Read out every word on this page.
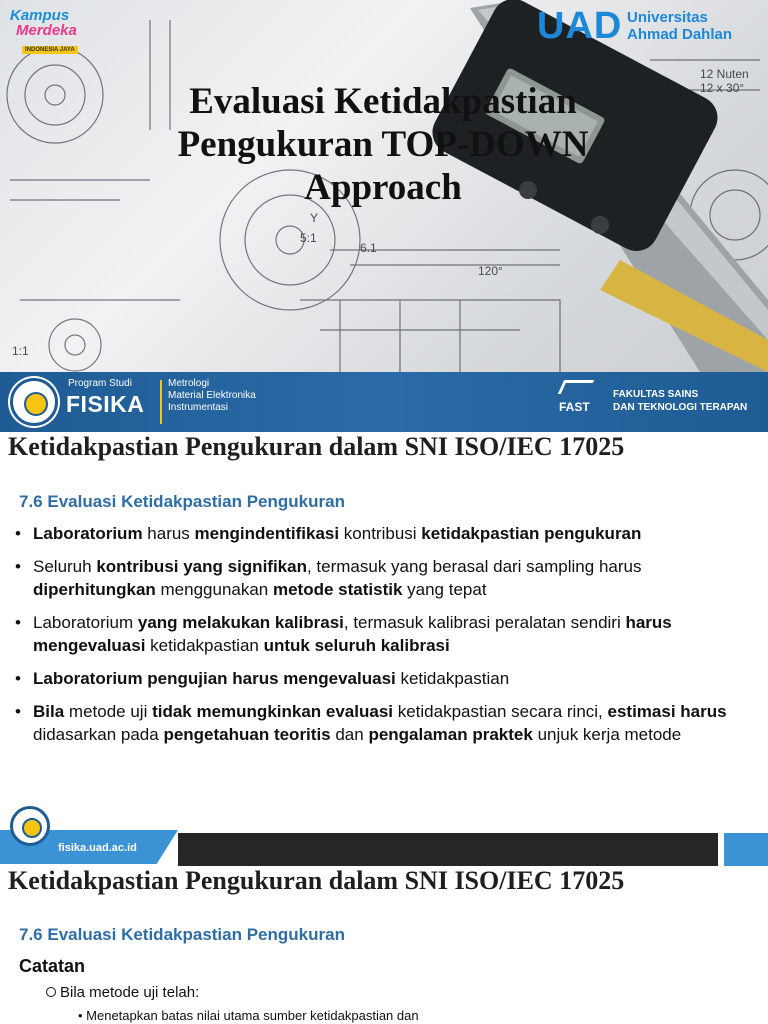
Y
5:1
6.1
120°
1:1
12 Nuten
12 x 30°
Kampus
Merdeka
INDONESIA JAYA
UAD Universitas
Ahmad Dahlan
Evaluasi Ketidakpastian Pengukuran TOP-DOWN Approach
Program Studi
FISIKA
Metrologi
Material Elektronika
Instrumentasi	FAST
FAKULTAS SAINS
DAN TEKNOLOGI TERAPAN
Ketidakpastian Pengukuran dalam SNI ISO/IEC 17025
7.6 Evaluasi Ketidakpastian Pengukuran
• Laboratorium harus mengindentifikasi kontribusi ketidakpastian pengukuran
• Seluruh kontribusi yang signifikan, termasuk yang berasal dari sampling harus diperhitungkan menggunakan metode statistik yang tepat
• Laboratorium yang melakukan kalibrasi, termasuk kalibrasi peralatan sendiri harus mengevaluasi ketidakpastian untuk seluruh kalibrasi
• Laboratorium pengujian harus mengevaluasi ketidakpastian
• Bila metode uji tidak memungkinkan evaluasi ketidakpastian secara rinci, estimasi harus didasarkan pada pengetahuan teoritis dan pengalaman praktek unjuk kerja metode
fisika.uad.ac.id
Ketidakpastian Pengukuran dalam SNI ISO/IEC 17025
7.6 Evaluasi Ketidakpastian Pengukuran
Catatan
Bila metode uji telah:
• Menetapkan batas nilai utama sumber ketidakpastian dan
